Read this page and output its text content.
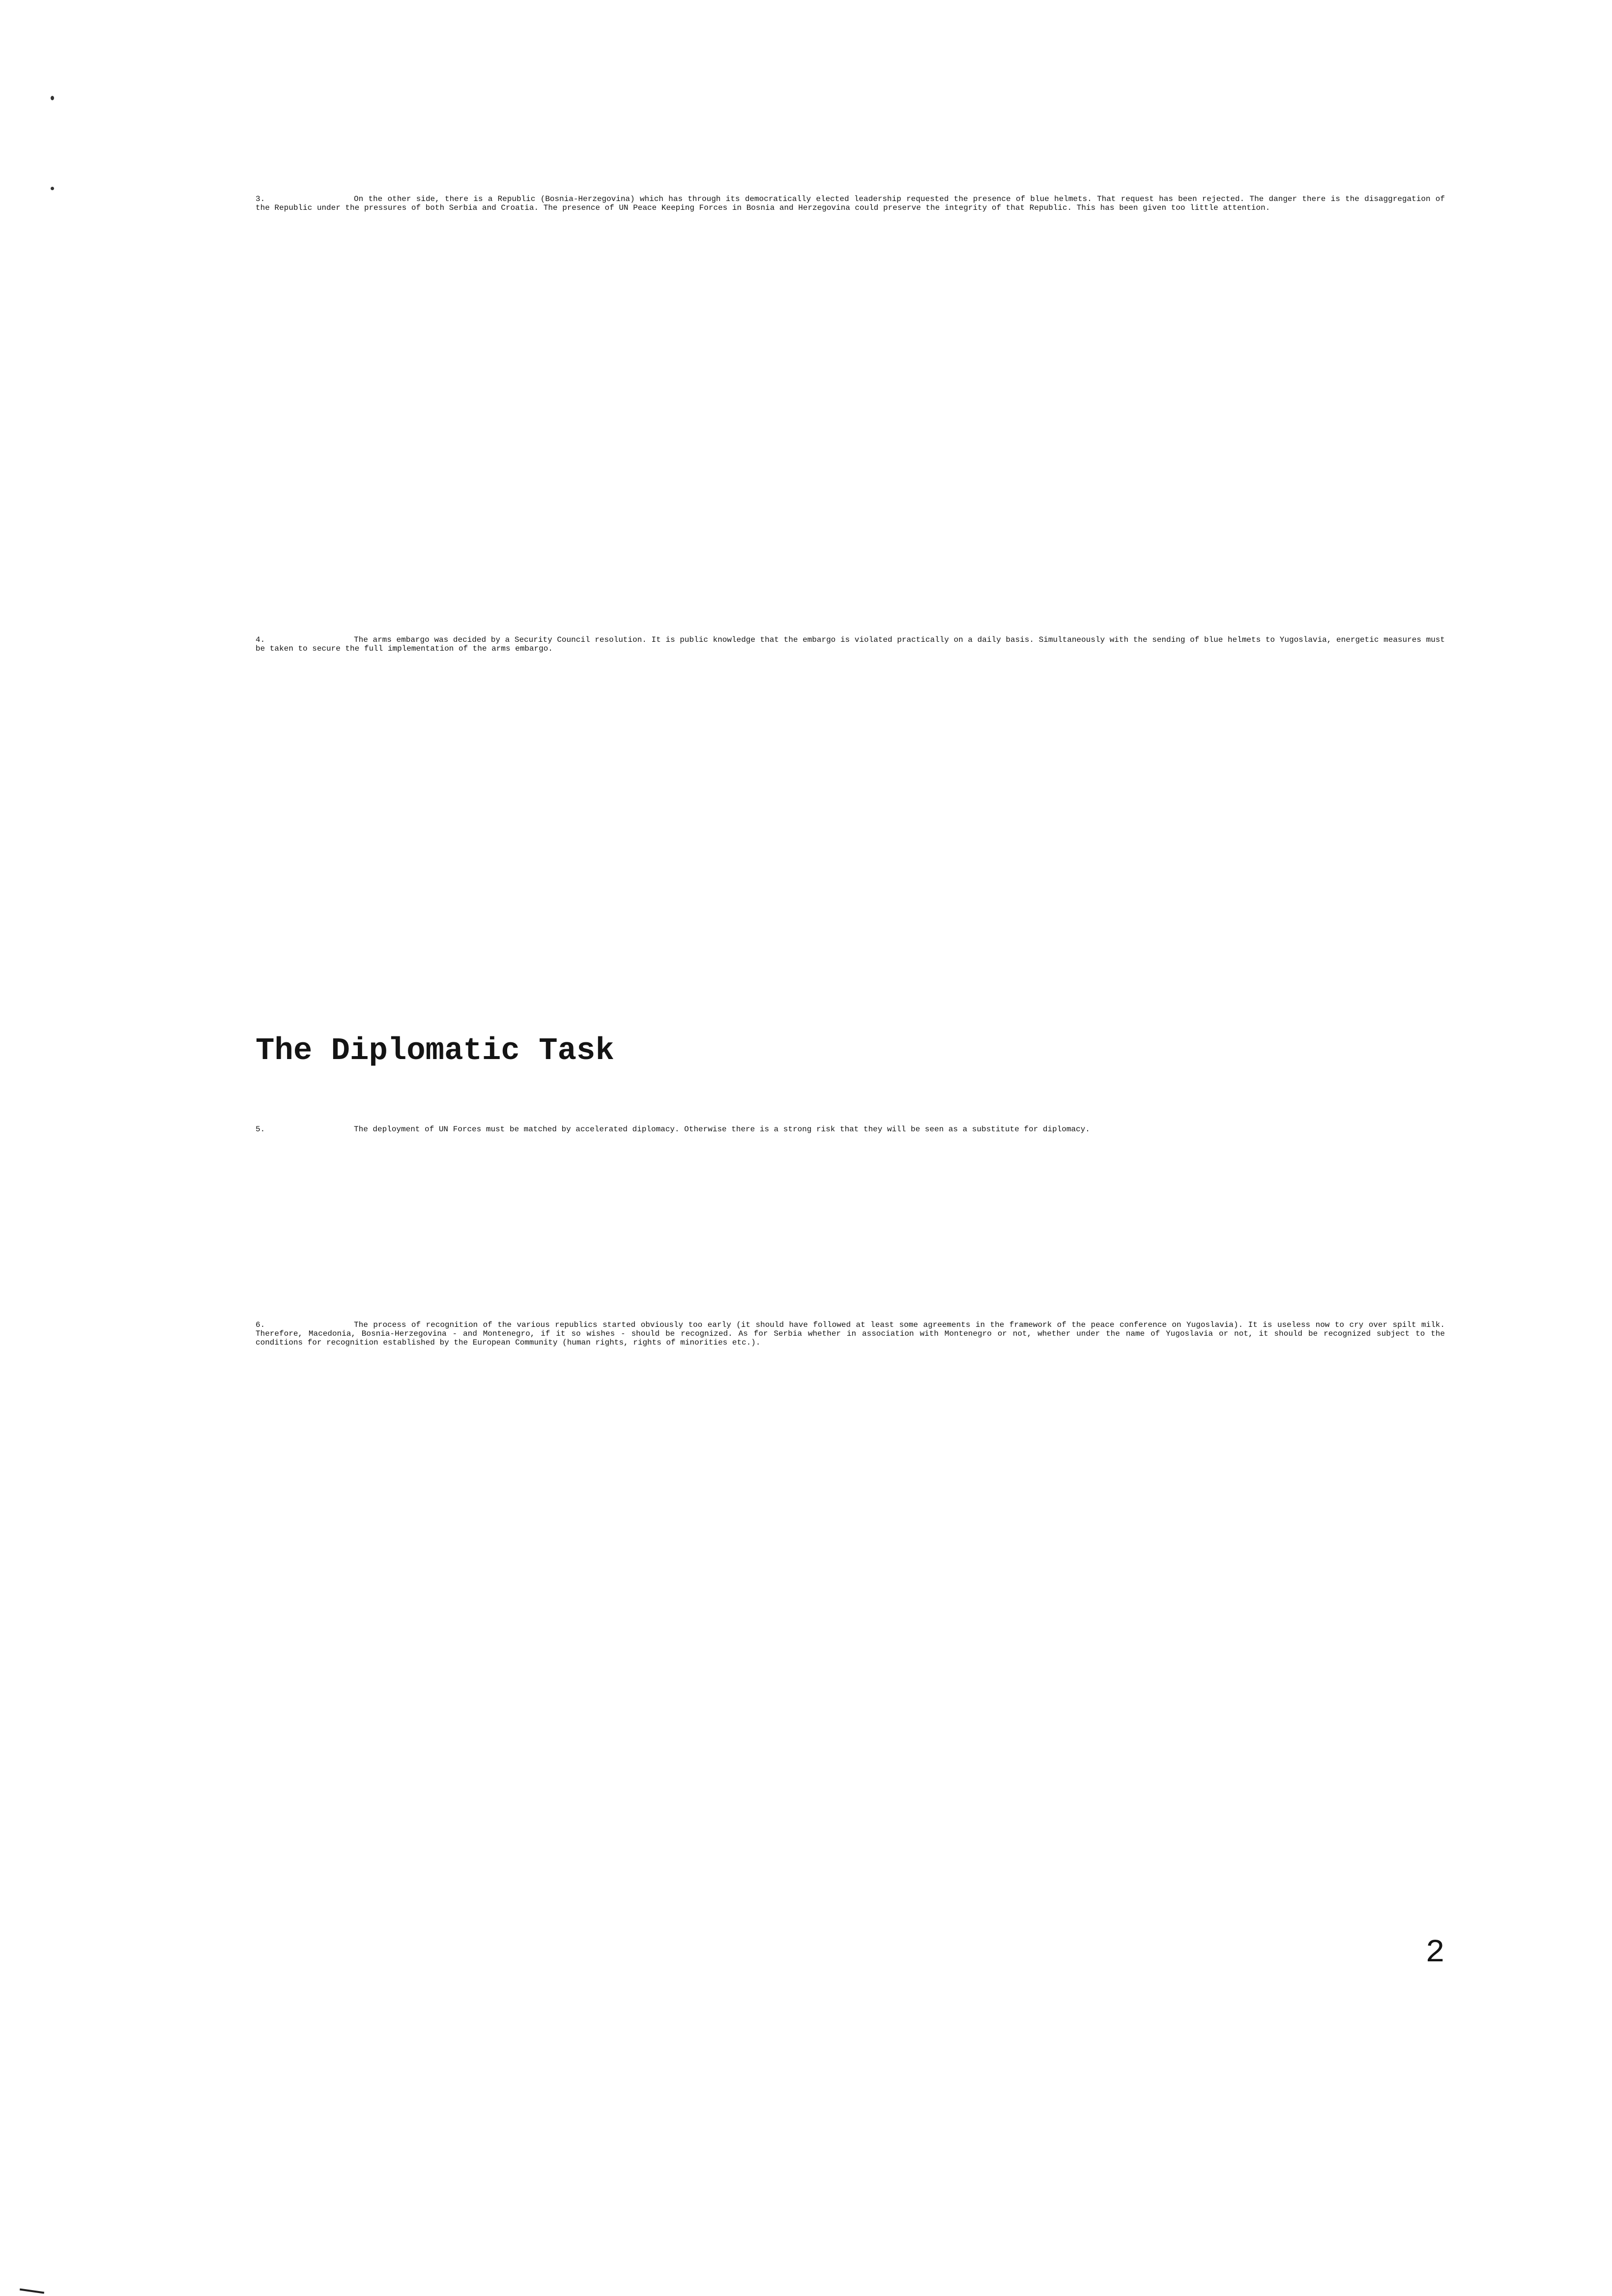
3.	On the other side, there is a Republic (Bosnia-Herzegovina) which has through its democratically elected leadership requested the presence of blue helmets. That request has been rejected. The danger there is the disaggregation of the Republic under the pressures of both Serbia and Croatia. The presence of UN Peace Keeping Forces in Bosnia and Herzegovina could preserve the integrity of that Republic. This has been given too little attention.

4.	The arms embargo was decided by a Security Council resolution. It is public knowledge that the embargo is violated practically on a daily basis. Simultaneously with the sending of blue helmets to Yugoslavia, energetic measures must be taken to secure the full implementation of the arms embargo.

The Diplomatic Task

5.	The deployment of UN Forces must be matched by accelerated diplomacy. Otherwise there is a strong risk that they will be seen as a substitute for diplomacy.

6.	The process of recognition of the various republics started obviously too early (it should have followed at least some agreements in the framework of the peace conference on Yugoslavia). It is useless now to cry over spilt milk. Therefore, Macedonia, Bosnia-Herzegovina - and Montenegro, if it so wishes - should be recognized. As for Serbia whether in association with Montenegro or not, whether under the name of Yugoslavia or not, it should be recognized subject to the conditions for recognition established by the European Community (human rights, rights of minorities etc.).

2
